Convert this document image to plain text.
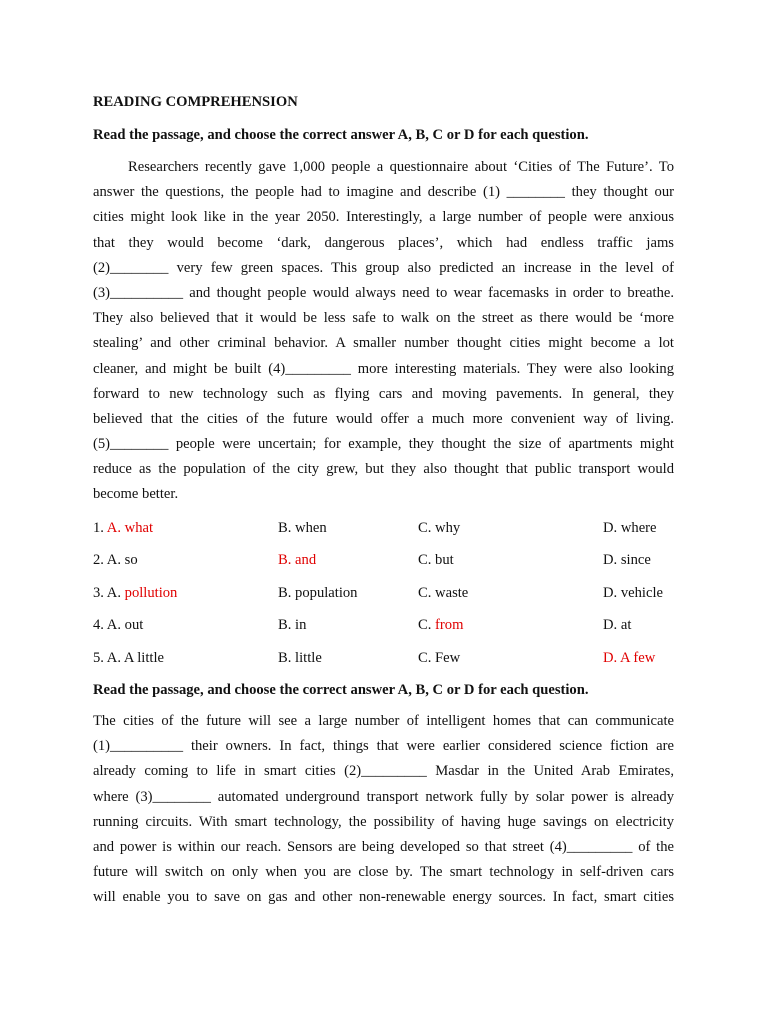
READING COMPREHENSION
Read the passage, and choose the correct answer A, B, C or D for each question.
Researchers recently gave 1,000 people a questionnaire about ‘Cities of The Future’. To
answer the questions, the people had to imagine and describe (1) ________ they thought our
cities might look like in the year 2050. Interestingly, a large number of people were anxious
that they would become ‘dark, dangerous places’, which had endless traffic jams
(2)________ very few green spaces. This group also predicted an increase in the level of
(3)__________ and thought people would always need to wear facemasks in order to breathe.
They also believed that it would be less safe to walk on the street as there would be ‘more
stealing’ and other criminal behavior. A smaller number thought cities might become a lot
cleaner, and might be built (4)_________ more interesting materials. They were also looking
forward to new technology such as flying cars and moving pavements. In general, they
believed that the cities of the future would offer a much more convenient way of living.
(5)________ people were uncertain; for example, they thought the size of apartments might
reduce as the population of the city grew, but they also thought that public transport would
become better.
1. A. what	B. when	C. why	D. where
2. A. so	B. and	C. but	D. since
3. A. pollution	B. population	C. waste	D. vehicle
4. A. out	B. in	C. from	D. at
5. A. A little	B. little	C. Few	D. A few
Read the passage, and choose the correct answer A, B, C or D for each question.
The cities of the future will see a large number of intelligent homes that can communicate
(1)__________ their owners. In fact, things that were earlier considered science fiction are
already coming to life in smart cities (2)_________ Masdar in the United Arab Emirates,
where (3)________ automated underground transport network fully by solar power is already
running circuits. With smart technology, the possibility of having huge savings on electricity
and power is within our reach. Sensors are being developed so that street (4)_________ of the
future will switch on only when you are close by. The smart technology in self-driven cars
will enable you to save on gas and other non-renewable energy sources. In fact, smart cities
